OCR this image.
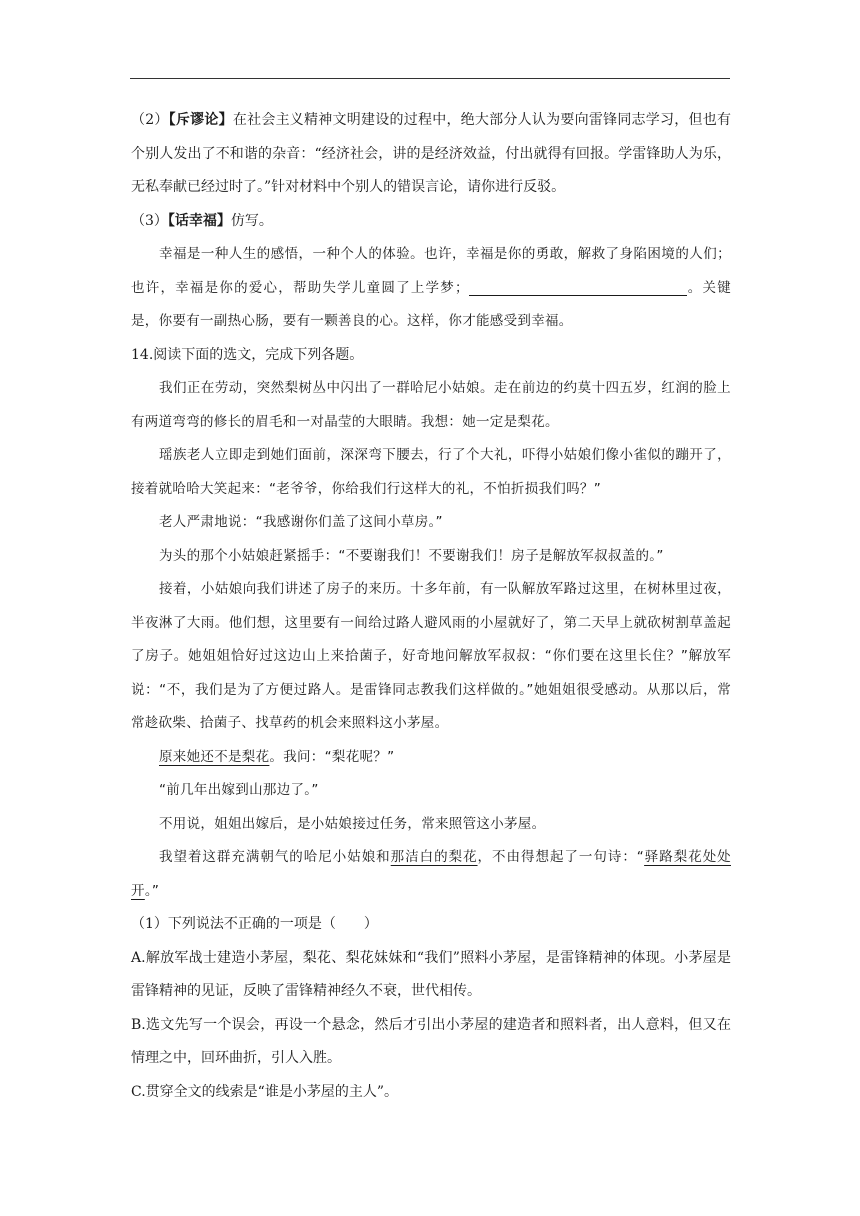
（2）【斥谬论】在社会主义精神文明建设的过程中，绝大部分人认为要向雷锋同志学习，但也有个别人发出了不和谐的杂音：“经济社会，讲的是经济效益，付出就得有回报。学雷锋助人为乐，无私奉献已经过时了。”针对材料中个别人的错误言论，请你进行反驳。

（3）【话幸福】仿写。

幸福是一种人生的感悟，一种个人的体验。也许，幸福是你的勇敢，解救了身陷困境的人们；也许，幸福是你的爱心，帮助失学儿童圆了上学梦；	。关键是，你要有一副热心肠，要有一颗善良的心。这样，你才能感受到幸福。

14.阅读下面的选文，完成下列各题。

我们正在劳动，突然梨树丛中闪出了一群哈尼小姑娘。走在前边的约莫十四五岁，红润的脸上有两道弯弯的修长的眉毛和一对晶莹的大眼睛。我想：她一定是梨花。

瑶族老人立即走到她们面前，深深弯下腰去，行了个大礼，吓得小姑娘们像小雀似的蹦开了，接着就哈哈大笑起来：“老爷爷，你给我们行这样大的礼，不怕折损我们吗？”

老人严肃地说：“我感谢你们盖了这间小草房。”

为头的那个小姑娘赶紧摇手：“不要谢我们！不要谢我们！房子是解放军叔叔盖的。”

接着，小姑娘向我们讲述了房子的来历。十多年前，有一队解放军路过这里，在树林里过夜，半夜淋了大雨。他们想，这里要有一间给过路人避风雨的小屋就好了，第二天早上就砍树割草盖起了房子。她姐姐恰好过这边山上来拾菌子，好奇地问解放军叔叔：“你们要在这里长住？”解放军说：“不，我们是为了方便过路人。是雷锋同志教我们这样做的。”她姐姐很受感动。从那以后，常常趁砍柴、拾菌子、找草药的机会来照料这小茅屋。

原来她还不是梨花。我问：“梨花呢？”

“前几年出嫁到山那边了。”

不用说，姐姐出嫁后，是小姑娘接过任务，常来照管这小茅屋。

我望着这群充满朝气的哈尼小姑娘和那洁白的梨花，不由得想起了一句诗：“驿路梨花处处开。”

（1）下列说法不正确的一项是（　　）

A.解放军战士建造小茅屋，梨花、梨花妹妹和“我们”照料小茅屋，是雷锋精神的体现。小茅屋是雷锋精神的见证，反映了雷锋精神经久不衰，世代相传。

B.选文先写一个误会，再设一个悬念，然后才引出小茅屋的建造者和照料者，出人意料，但又在情理之中，回环曲折，引人入胜。

C.贯穿全文的线索是“谁是小茅屋的主人”。
